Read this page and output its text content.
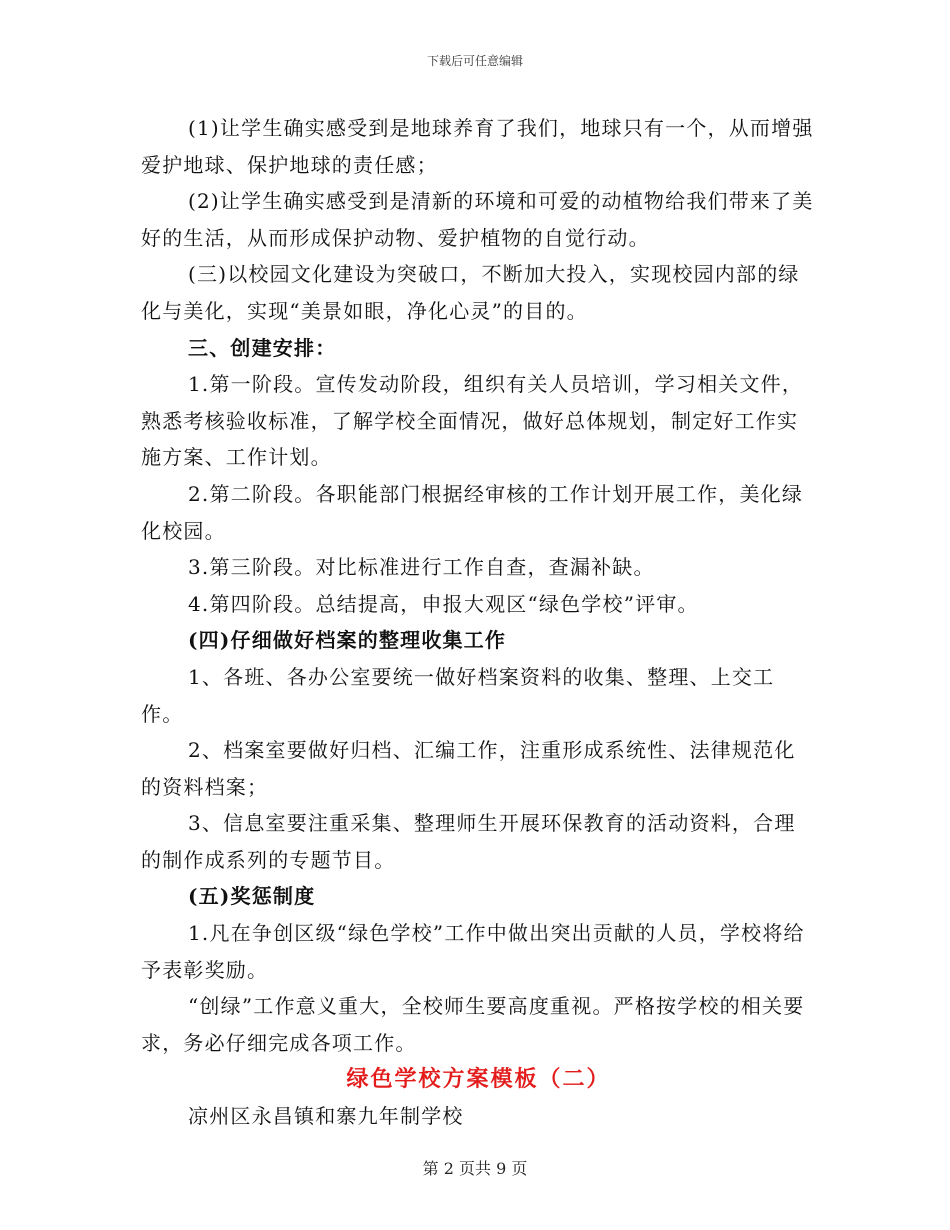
下载后可任意编辑

(1)让学生确实感受到是地球养育了我们，地球只有一个，从而增强爱护地球、保护地球的责任感；

(2)让学生确实感受到是清新的环境和可爱的动植物给我们带来了美好的生活，从而形成保护动物、爱护植物的自觉行动。

(三)以校园文化建设为突破口，不断加大投入，实现校园内部的绿化与美化，实现“美景如眼，净化心灵”的目的。

三、创建安排：

1.第一阶段。宣传发动阶段，组织有关人员培训，学习相关文件，熟悉考核验收标准，了解学校全面情况，做好总体规划，制定好工作实施方案、工作计划。

2.第二阶段。各职能部门根据经审核的工作计划开展工作，美化绿化校园。

3.第三阶段。对比标准进行工作自查，查漏补缺。

4.第四阶段。总结提高，申报大观区“绿色学校”评审。

(四)仔细做好档案的整理收集工作

1、各班、各办公室要统一做好档案资料的收集、整理、上交工作。

2、档案室要做好归档、汇编工作，注重形成系统性、法律规范化的资料档案；

3、信息室要注重采集、整理师生开展环保教育的活动资料，合理的制作成系列的专题节目。

(五)奖惩制度

1.凡在争创区级“绿色学校”工作中做出突出贡献的人员，学校将给予表彰奖励。

“创绿”工作意义重大，全校师生要高度重视。严格按学校的相关要求，务必仔细完成各项工作。

绿色学校方案模板（二）

凉州区永昌镇和寨九年制学校

第 2 页共 9 页
